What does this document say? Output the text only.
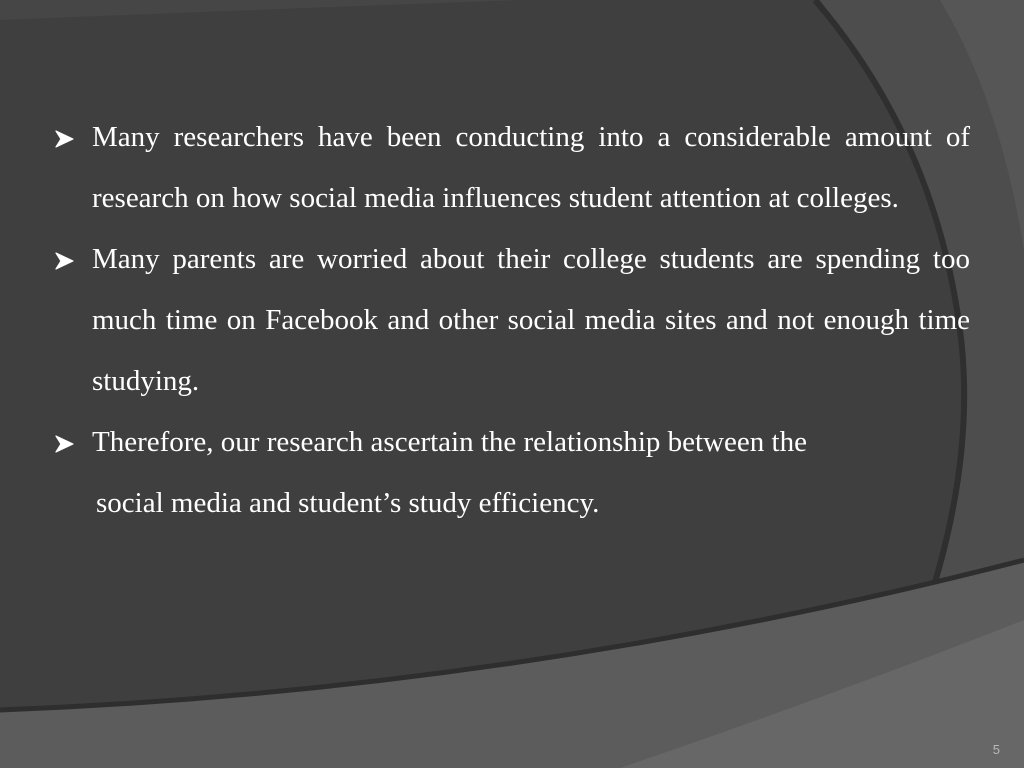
Many researchers have been conducting into a considerable amount of research on how social media influences student attention at colleges.

Many parents are worried about their college students are spending too much time on Facebook and other social media sites and not enough time studying.

Therefore, our research ascertain the relationship between the
social media and student’s study efficiency.

5
